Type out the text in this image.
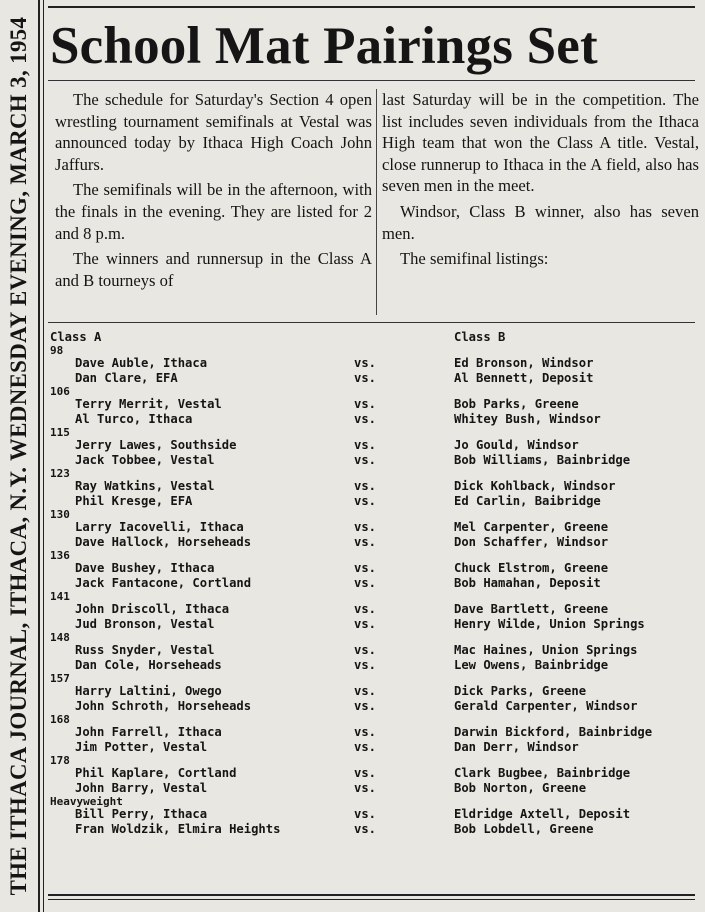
THE ITHACA JOURNAL, ITHACA, N.Y. WEDNESDAY EVENING, MARCH 3, 1954 School Mat Pairings Set

The schedule for Saturday's Section 4 open wrestling tournament semifinals at Vestal was announced today by Ithaca High Coach John Jaffurs.

The semifinals will be in the afternoon, with the finals in the evening. They are listed for 2 and 8 p.m.

The winners and runnersup in the Class A and B tourneys of

last Saturday will be in the competition. The list includes seven individuals from the Ithaca High team that won the Class A title. Vestal, close runnerup to Ithaca in the A field, also has seven men in the meet.

Windsor, Class B winner, also has seven men.

The semifinal listings:

Class A	Class B
98
Dave Auble, Ithaca	vs.	Ed Bronson, Windsor
Dan Clare, EFA	vs.	Al Bennett, Deposit
106
Terry Merrit, Vestal	vs.	Bob Parks, Greene
Al Turco, Ithaca	vs.	Whitey Bush, Windsor
115
Jerry Lawes, Southside	vs.	Jo Gould, Windsor
Jack Tobbee, Vestal	vs.	Bob Williams, Bainbridge
123
Ray Watkins, Vestal	vs.	Dick Kohlback, Windsor
Phil Kresge, EFA	vs.	Ed Carlin, Baibridge
130
Larry Iacovelli, Ithaca	vs.	Mel Carpenter, Greene
Dave Hallock, Horseheads	vs.	Don Schaffer, Windsor
136
Dave Bushey, Ithaca	vs.	Chuck Elstrom, Greene
Jack Fantacone, Cortland	vs.	Bob Hamahan, Deposit
141
John Driscoll, Ithaca	vs.	Dave Bartlett, Greene
Jud Bronson, Vestal	vs.	Henry Wilde, Union Springs
148
Russ Snyder, Vestal	vs.	Mac Haines, Union Springs
Dan Cole, Horseheads	vs.	Lew Owens, Bainbridge
157
Harry Laltini, Owego	vs.	Dick Parks, Greene
John Schroth, Horseheads	vs.	Gerald Carpenter, Windsor
168
John Farrell, Ithaca	vs.	Darwin Bickford, Bainbridge
Jim Potter, Vestal	vs.	Dan Derr, Windsor
178
Phil Kaplare, Cortland	vs.	Clark Bugbee, Bainbridge
John Barry, Vestal	vs.	Bob Norton, Greene
Heavyweight
Bill Perry, Ithaca	vs.	Eldridge Axtell, Deposit
Fran Woldzik, Elmira Heights	vs.	Bob Lobdell, Greene
